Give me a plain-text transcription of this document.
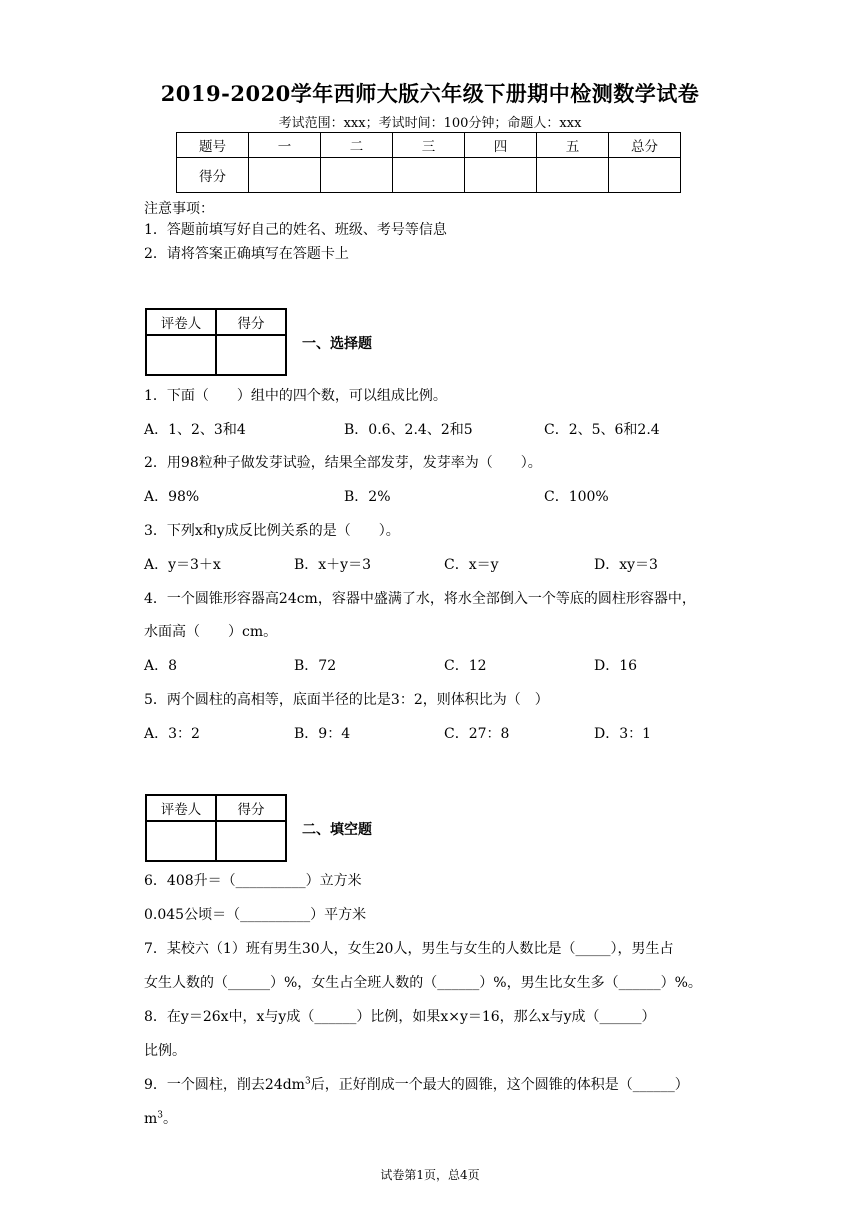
2019-2020学年西师大版六年级下册期中检测数学试卷
考试范围：xxx；考试时间：100分钟；命题人：xxx
题号	一	二	三	四	五	总分
得分						
注意事项：
1．答题前填写好自己的姓名、班级、考号等信息
2．请将答案正确填写在答题卡上
评卷人	得分

一、选择题
1．下面（　　）组中的四个数，可以组成比例。
A．1、2、3和4	B．0.6、2.4、2和5	C．2、5、6和2.4
2．用98粒种子做发芽试验，结果全部发芽，发芽率为（　　）。
A．98%	B．2%	C．100%
3．下列x和y成反比例关系的是（　　）。
A．y＝3＋x	B．x＋y＝3	C．x＝y	D．xy＝3
4．一个圆锥形容器高24cm，容器中盛满了水，将水全部倒入一个等底的圆柱形容器中，
水面高（　　）cm。
A．8	B．72	C．12	D．16
5．两个圆柱的高相等，底面半径的比是3：2，则体积比为（　）
A．3：2	B．9：4	C．27：8	D．3：1
评卷人	得分

二、填空题
6．408升＝（__________）立方米
0.045公顷＝（__________）平方米
7．某校六（1）班有男生30人，女生20人，男生与女生的人数比是（_____），男生占
女生人数的（______）%，女生占全班人数的（______）%，男生比女生多（______）%。
8．在y＝26x中，x与y成（______）比例，如果x×y＝16，那么x与y成（______）
比例。
9．一个圆柱，削去$24dm^3$后，正好削成一个最大的圆锥，这个圆锥的体积是（______）
$m^3$。
试卷第1页，总4页
